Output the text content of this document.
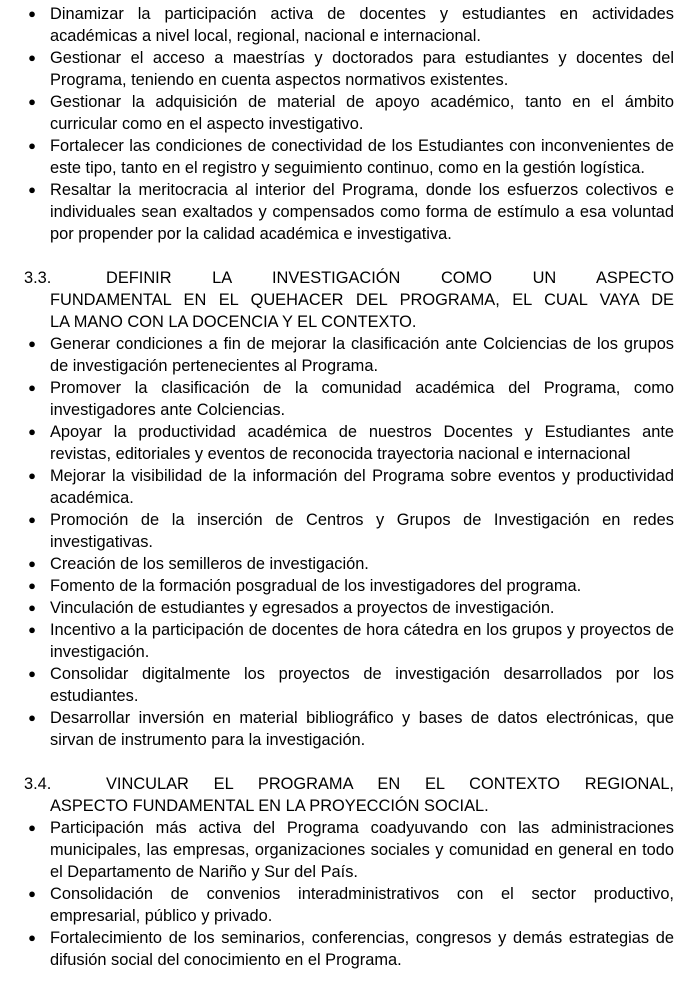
● Dinamizar la participación activa de docentes y estudiantes en actividades académicas a nivel local, regional, nacional e internacional.
● Gestionar el acceso a maestrías y doctorados para estudiantes y docentes del Programa, teniendo en cuenta aspectos normativos existentes.
● Gestionar la adquisición de material de apoyo académico, tanto en el ámbito curricular como en el aspecto investigativo.
● Fortalecer las condiciones de conectividad de los Estudiantes con inconvenientes de este tipo, tanto en el registro y seguimiento continuo, como en la gestión logística.
● Resaltar la meritocracia al interior del Programa, donde los esfuerzos colectivos e individuales sean exaltados y compensados como forma de estímulo a esa voluntad por propender por la calidad académica e investigativa.
3.3.	DEFINIR LA INVESTIGACIÓN COMO UN ASPECTO
FUNDAMENTAL EN EL QUEHACER DEL PROGRAMA, EL CUAL VAYA DE
LA MANO CON LA DOCENCIA Y EL CONTEXTO.
● Generar condiciones a fin de mejorar la clasificación ante Colciencias de los grupos de investigación pertenecientes al Programa.
● Promover la clasificación de la comunidad académica del Programa, como investigadores ante Colciencias.
● Apoyar la productividad académica de nuestros Docentes y Estudiantes ante revistas, editoriales y eventos de reconocida trayectoria nacional e internacional
● Mejorar la visibilidad de la información del Programa sobre eventos y productividad académica.
● Promoción de la inserción de Centros y Grupos de Investigación en redes investigativas.
● Creación de los semilleros de investigación.
● Fomento de la formación posgradual de los investigadores del programa.
● Vinculación de estudiantes y egresados a proyectos de investigación.
● Incentivo a la participación de docentes de hora cátedra en los grupos y proyectos de investigación.
● Consolidar digitalmente los proyectos de investigación desarrollados por los estudiantes.
● Desarrollar inversión en material bibliográfico y bases de datos electrónicas, que sirvan de instrumento para la investigación.
3.4.	VINCULAR EL PROGRAMA EN EL CONTEXTO REGIONAL,
ASPECTO FUNDAMENTAL EN LA PROYECCIÓN SOCIAL.
● Participación más activa del Programa coadyuvando con las administraciones municipales, las empresas, organizaciones sociales y comunidad en general en todo el Departamento de Nariño y Sur del País.
● Consolidación de convenios interadministrativos con el sector productivo, empresarial, público y privado.
● Fortalecimiento de los seminarios, conferencias, congresos y demás estrategias de difusión social del conocimiento en el Programa.
